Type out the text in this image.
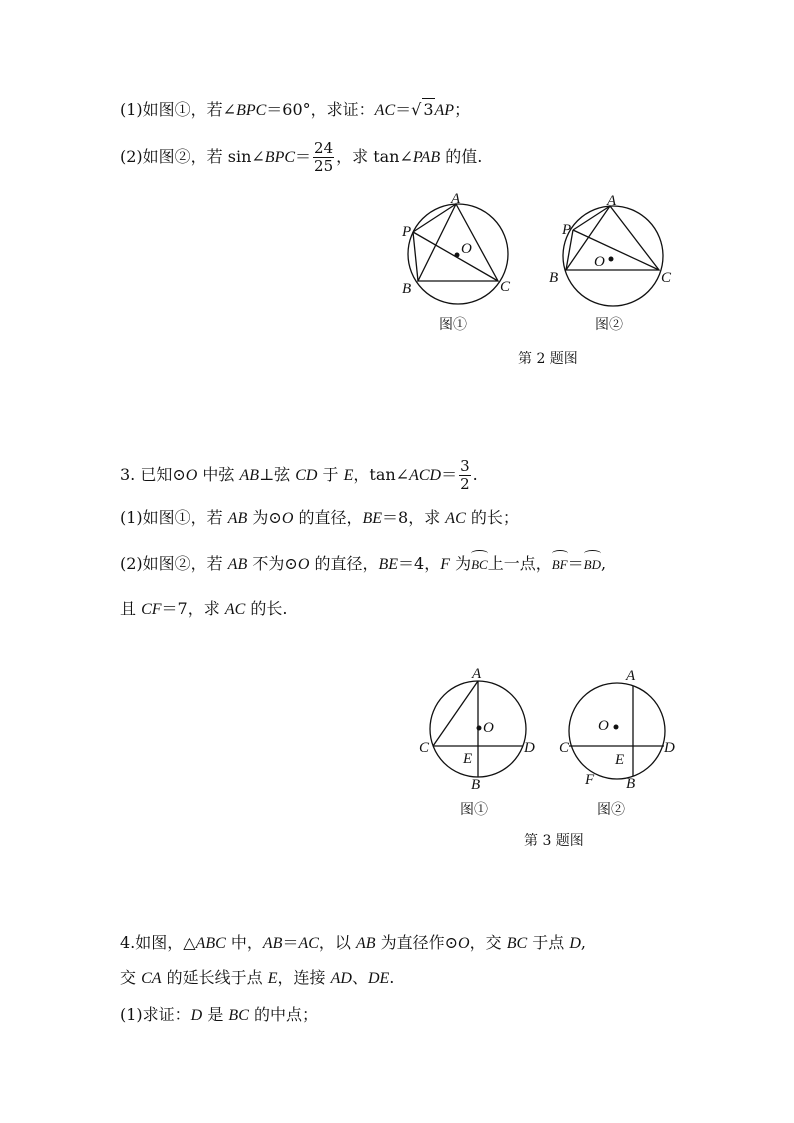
(1)如图①，若∠BPC＝60°，求证：AC＝√ 3AP；
(2)如图②，若 sin∠BPC＝ $\frac{24}{25}$ ，求 tan∠PAB 的值.
A
P
O
B	C
图①
A
P
O
B	C
图②
第 2 题图
3. 已知⊙O 中弦 AB⊥弦 CD 于 E，tan∠ACD＝ $\frac{3}{2}$ .
(1)如图①，若 AB 为⊙O 的直径，BE＝8，求 AC 的长；
(2)如图②，若 AB 不为⊙O 的直径，BE＝4，F 为BC上一点，BF＝BD,
且 CF＝7，求 AC 的长.
A
O
C	D
E
B
图①
A
O
C	D
E
B
F
图②
第 3 题图
4.如图，△ABC 中，AB＝AC，以 AB 为直径作⊙O，交 BC 于点 D,
交 CA 的延长线于点 E，连接 AD、DE.
(1)求证：D 是 BC 的中点；
